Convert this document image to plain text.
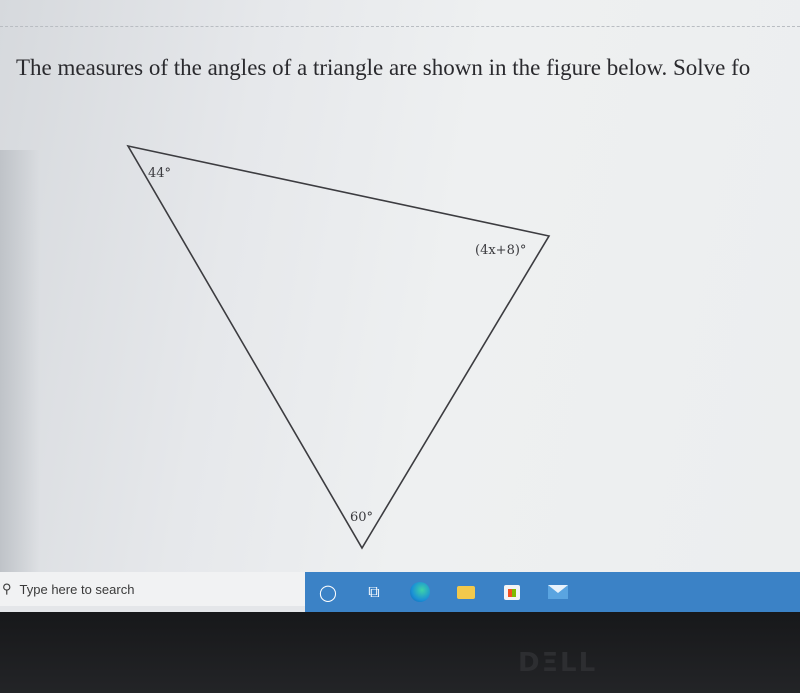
The measures of the angles of a triangle are shown in the figure below. Solve fo
44°
(4x+8)°
60°
⚲ Type here to search	◯	⧉
DΞLL
